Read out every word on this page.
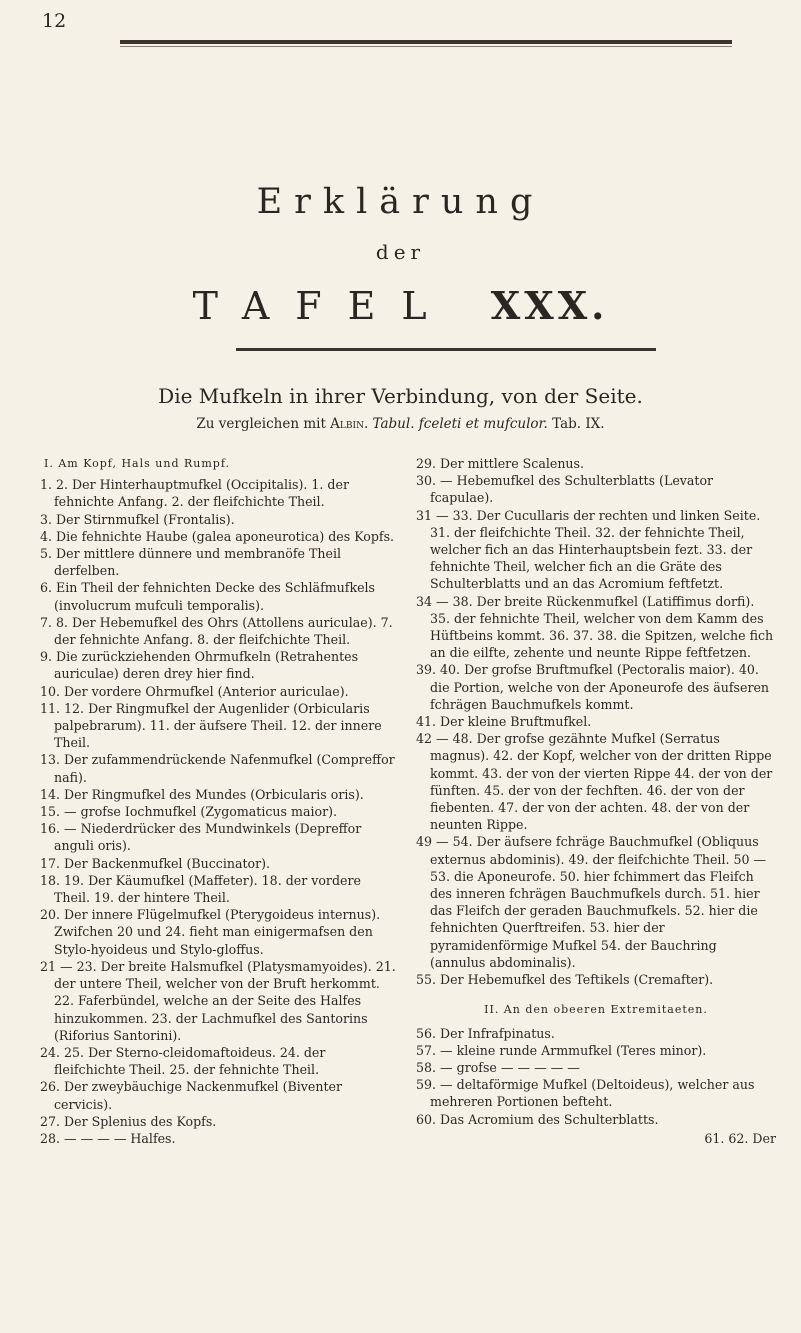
12
Erklärung
der
TAFEL XXX.
Die Mufkeln in ihrer Verbindung, von der Seite.
Zu vergleichen mit Albin. Tabul. fceleti et mufculor. Tab. IX.
I. Am Kopf, Hals und Rumpf.

1. 2. Der Hinterhauptmufkel (Occipitalis). 1. der fehnichte Anfang. 2. der fleifchichte Theil.

3. Der Stirnmufkel (Frontalis).

4. Die fehnichte Haube (galea aponeurotica) des Kopfs.

5. Der mittlere dünnere und membranöfe Theil derfelben.

6. Ein Theil der fehnichten Decke des Schläfmufkels (involucrum mufculi temporalis).

7. 8. Der Hebemufkel des Ohrs (Attollens auriculae). 7. der fehnichte Anfang. 8. der fleifchichte Theil.

9. Die zurückziehenden Ohrmufkeln (Retrahentes auriculae) deren drey hier find.

10. Der vordere Ohrmufkel (Anterior auriculae).

11. 12. Der Ringmufkel der Augenlider (Orbicularis palpebrarum). 11. der äufsere Theil. 12. der innere Theil.

13. Der zufammendrückende Nafenmufkel (Compreffor nafi).

14. Der Ringmufkel des Mundes (Orbicularis oris).

15. — grofse Iochmufkel (Zygomaticus maior).

16. — Niederdrücker des Mundwinkels (Depreffor anguli oris).

17. Der Backenmufkel (Buccinator).

18. 19. Der Käumufkel (Maffeter). 18. der vordere Theil. 19. der hintere Theil.

20. Der innere Flügelmufkel (Pterygoideus internus). Zwifchen 20 und 24. fieht man einigermafsen den Stylo-hyoideus und Stylo-gloffus.

21 — 23. Der breite Halsmufkel (Platysmamyoides). 21. der untere Theil, welcher von der Bruft herkommt. 22. Faferbündel, welche an der Seite des Halfes hinzukommen. 23. der Lachmufkel des Santorins (Riforius Santorini).

24. 25. Der Sterno-cleidomaftoideus. 24. der fleifchichte Theil. 25. der fehnichte Theil.

26. Der zweybäuchige Nackenmufkel (Biventer cervicis).

27. Der Splenius des Kopfs.

28. — — — — Halfes.

29. Der mittlere Scalenus.

30. — Hebemufkel des Schulterblatts (Levator fcapulae).

31 — 33. Der Cucullaris der rechten und linken Seite. 31. der fleifchichte Theil. 32. der fehnichte Theil, welcher fich an das Hinterhauptsbein fezt. 33. der fehnichte Theil, welcher fich an die Gräte des Schulterblatts und an das Acromium feftfetzt.

34 — 38. Der breite Rückenmufkel (Latiffimus dorfi). 35. der fehnichte Theil, welcher von dem Kamm des Hüftbeins kommt. 36. 37. 38. die Spitzen, welche fich an die eilfte, zehente und neunte Rippe feftfetzen.

39. 40. Der grofse Bruftmufkel (Pectoralis maior). 40. die Portion, welche von der Aponeurofe des äufseren fchrägen Bauchmufkels kommt.

41. Der kleine Bruftmufkel.

42 — 48. Der grofse gezähnte Mufkel (Serratus magnus). 42. der Kopf, welcher von der dritten Rippe kommt. 43. der von der vierten Rippe 44. der von der fünften. 45. der von der fechften. 46. der von der fiebenten. 47. der von der achten. 48. der von der neunten Rippe.

49 — 54. Der äufsere fchräge Bauchmufkel (Obliquus externus abdominis). 49. der fleifchichte Theil. 50 — 53. die Aponeurofe. 50. hier fchimmert das Fleifch des inneren fchrägen Bauchmufkels durch. 51. hier das Fleifch der geraden Bauchmufkels. 52. hier die fehnichten Querftreifen. 53. hier der pyramidenförmige Mufkel 54. der Bauchring (annulus abdominalis).

55. Der Hebemufkel des Teftikels (Cremafter).

II. An den obeeren Extremitaeten.

56. Der Infrafpinatus.

57. — kleine runde Armmufkel (Teres minor).

58. — grofse — — — — —

59. — deltaförmige Mufkel (Deltoideus), welcher aus mehreren Portionen befteht.

60. Das Acromium des Schulterblatts.

61. 62. Der
